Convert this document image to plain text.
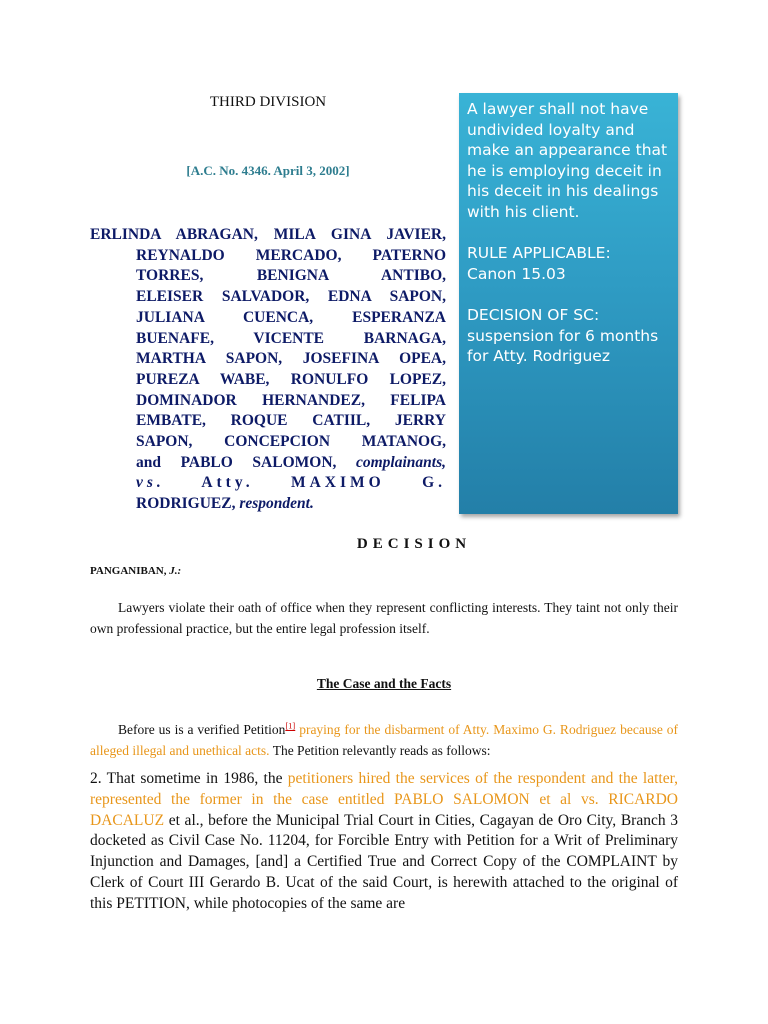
THIRD DIVISION
[A.C. No. 4346. April 3, 2002]
ERLINDA ABRAGAN, MILA GINA JAVIER,
REYNALDO MERCADO, PATERNO
TORRES, BENIGNA ANTIBO,
ELEISER SALVADOR, EDNA SAPON,
JULIANA CUENCA, ESPERANZA
BUENAFE, VICENTE BARNAGA,
MARTHA SAPON, JOSEFINA OPEA,
PUREZA WABE, RONULFO LOPEZ,
DOMINADOR HERNANDEZ, FELIPA
EMBATE, ROQUE CATIIL, JERRY
SAPON, CONCEPCION MATANOG,
and PABLO SALOMON, complainants,
vs. Atty. MAXIMO G.
RODRIGUEZ, respondent.

A lawyer shall not have undivided loyalty and make an appearance that he is employing deceit in his deceit in his dealings with his client.

RULE APPLICABLE:
Canon 15.03

DECISION OF SC:
suspension for 6 months for Atty. Rodriguez

DECISION
PANGANIBAN, J.:
Lawyers violate their oath of office when they represent conflicting interests. They taint not only their own professional practice, but the entire legal profession itself.
The Case and the Facts
Before us is a verified Petition[1] praying for the disbarment of Atty. Maximo G. Rodriguez because of alleged illegal and unethical acts. The Petition relevantly reads as follows:
2. That sometime in 1986, the petitioners hired the services of the respondent and the latter, represented the former in the case entitled PABLO SALOMON et al vs. RICARDO DACALUZ et al., before the Municipal Trial Court in Cities, Cagayan de Oro City, Branch 3 docketed as Civil Case No. 11204, for Forcible Entry with Petition for a Writ of Preliminary Injunction and Damages, [and] a Certified True and Correct Copy of the COMPLAINT by Clerk of Court III Gerardo B. Ucat of the said Court, is herewith attached to the original of this PETITION, while photocopies of the same are
